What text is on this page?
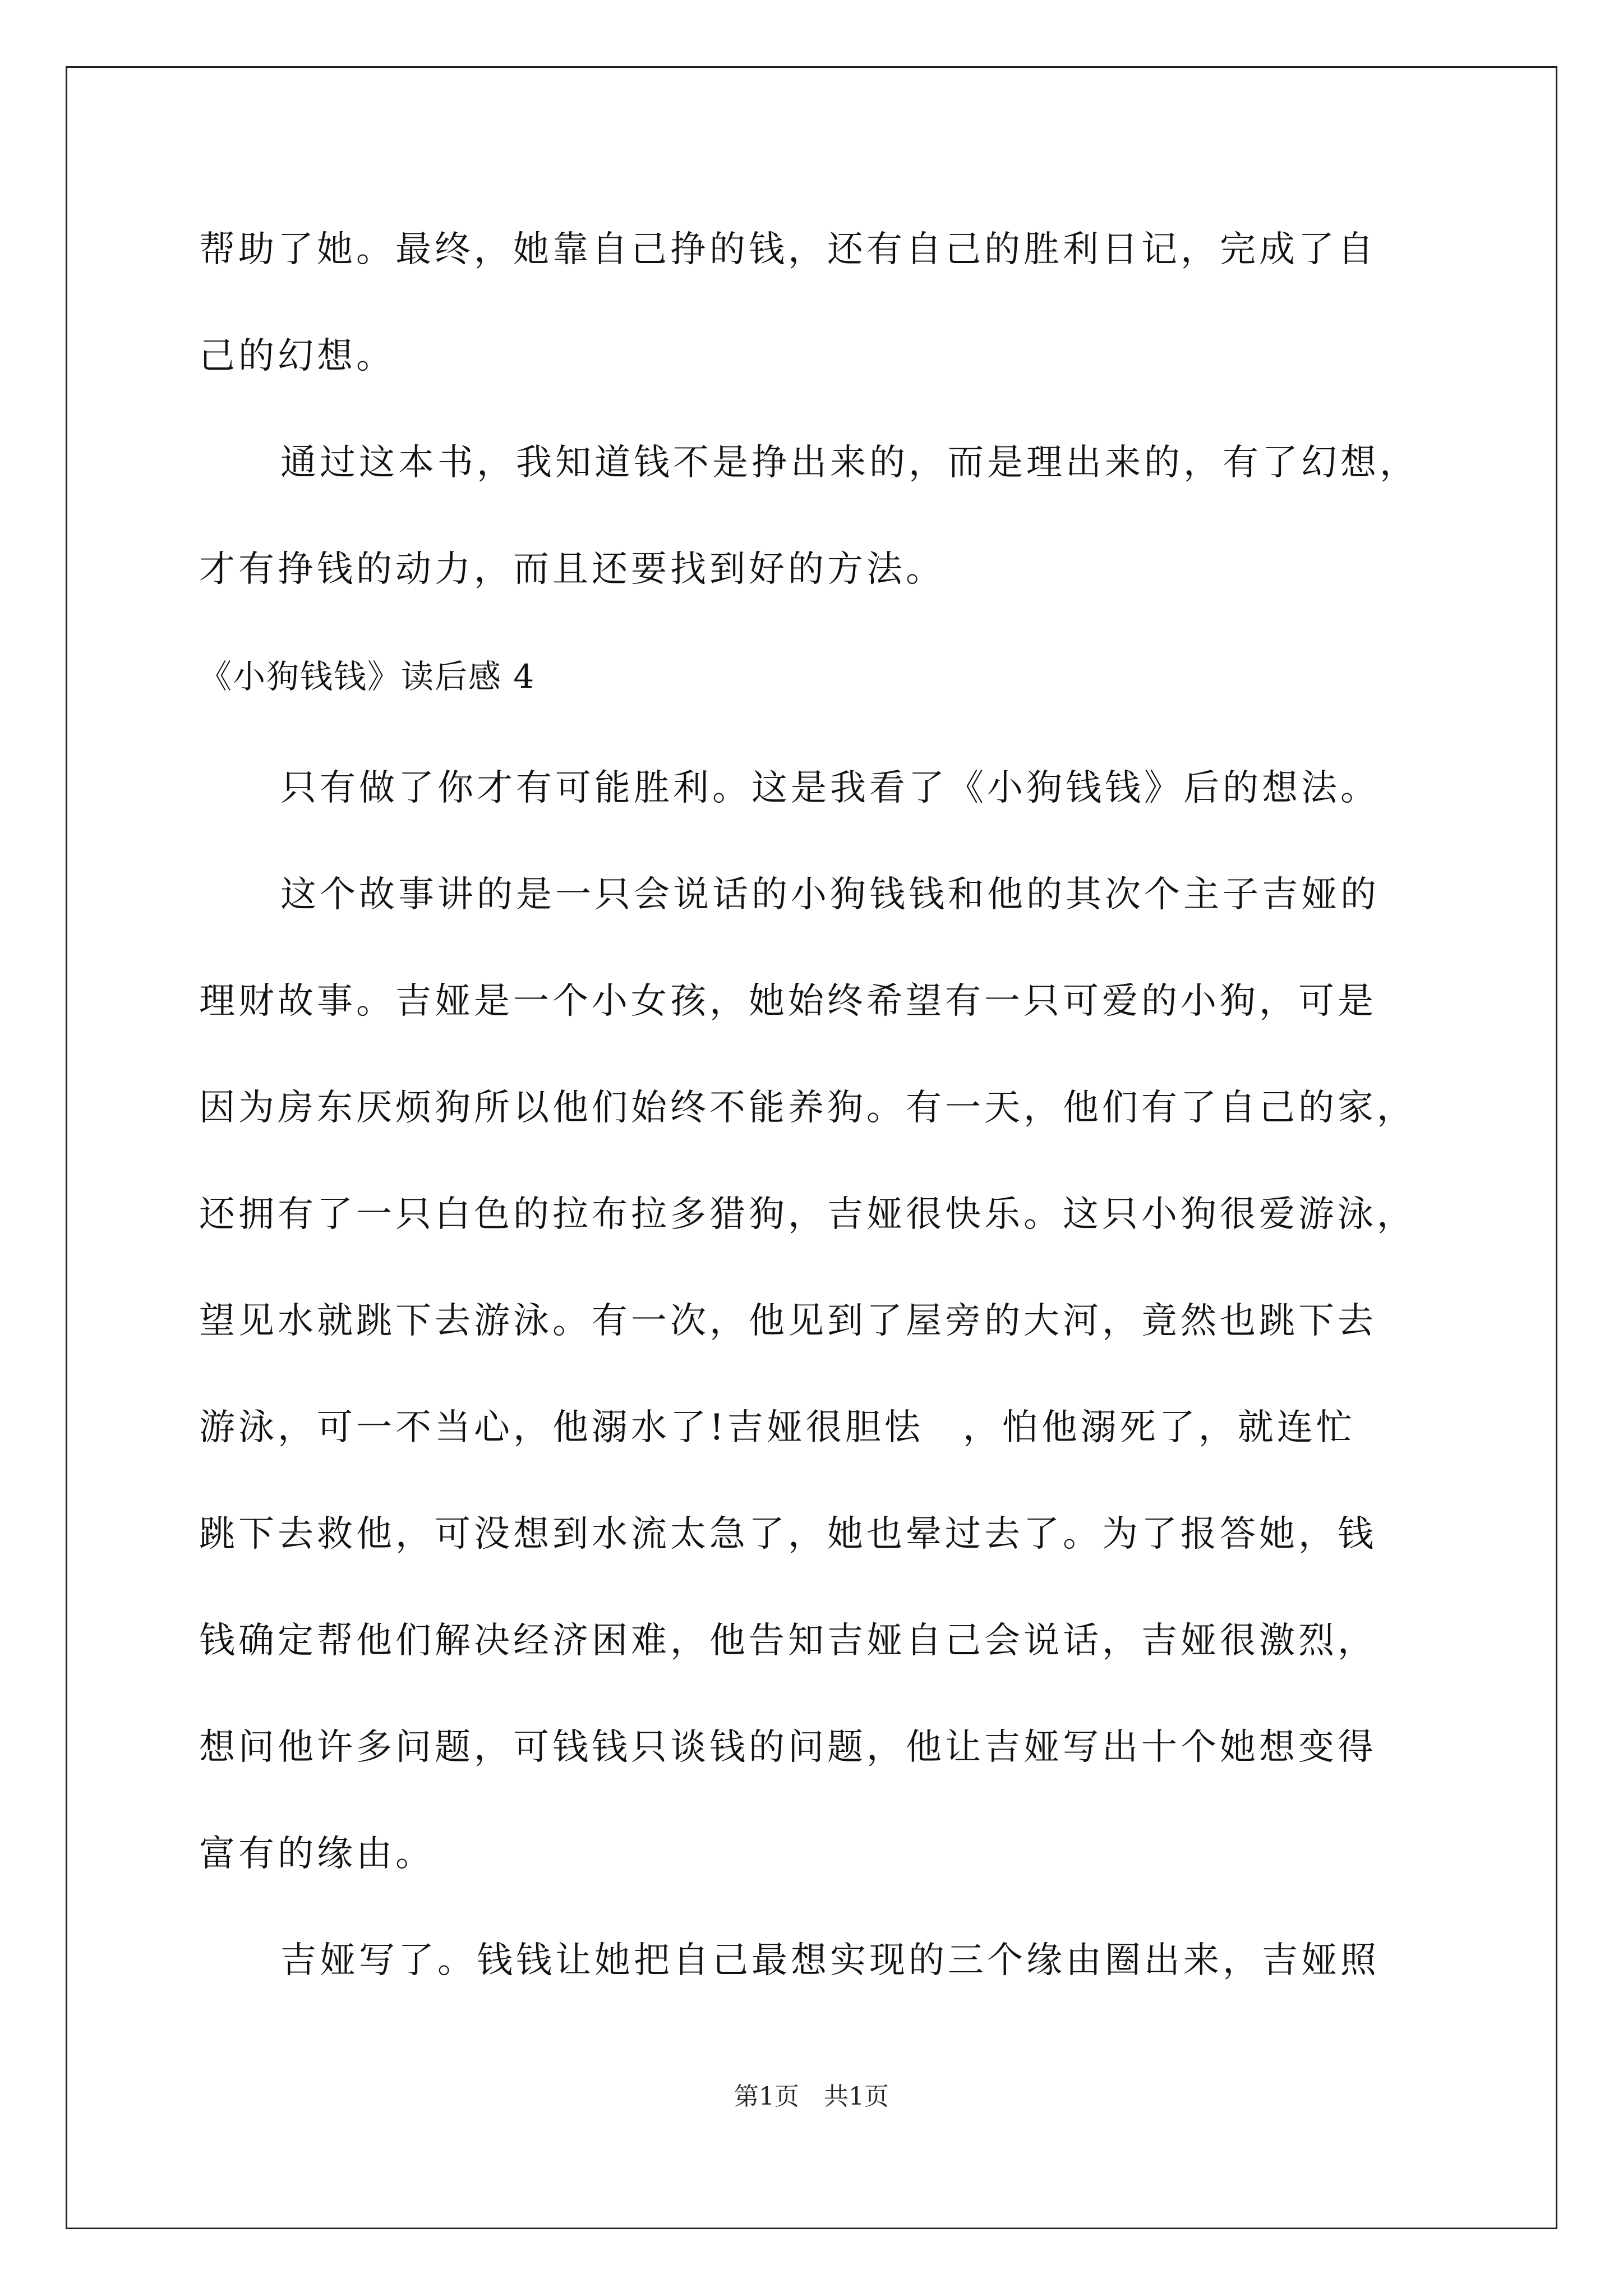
帮助了她。最终，她靠自己挣的钱，还有自己的胜利日记，完成了自
己的幻想。
通过这本书，我知道钱不是挣出来的，而是理出来的，有了幻想，
才有挣钱的动力，而且还要找到好的方法。
《小狗钱钱》读后感 4
只有做了你才有可能胜利。这是我看了《小狗钱钱》后的想法。
这个故事讲的是一只会说话的小狗钱钱和他的其次个主子吉娅的
理财故事。吉娅是一个小女孩，她始终希望有一只可爱的小狗，可是
因为房东厌烦狗所以他们始终不能养狗。有一天，他们有了自己的家，
还拥有了一只白色的拉布拉多猎狗，吉娅很快乐。这只小狗很爱游泳，
望见水就跳下去游泳。有一次，他见到了屋旁的大河，竟然也跳下去
游泳，可一不当心，他溺水了!吉娅很胆怯　，怕他溺死了，就连忙
跳下去救他，可没想到水流太急了，她也晕过去了。为了报答她，钱
钱确定帮他们解决经济困难，他告知吉娅自己会说话，吉娅很激烈，
想问他许多问题，可钱钱只谈钱的问题，他让吉娅写出十个她想变得
富有的缘由。
吉娅写了。钱钱让她把自己最想实现的三个缘由圈出来，吉娅照
第1页　共1页
